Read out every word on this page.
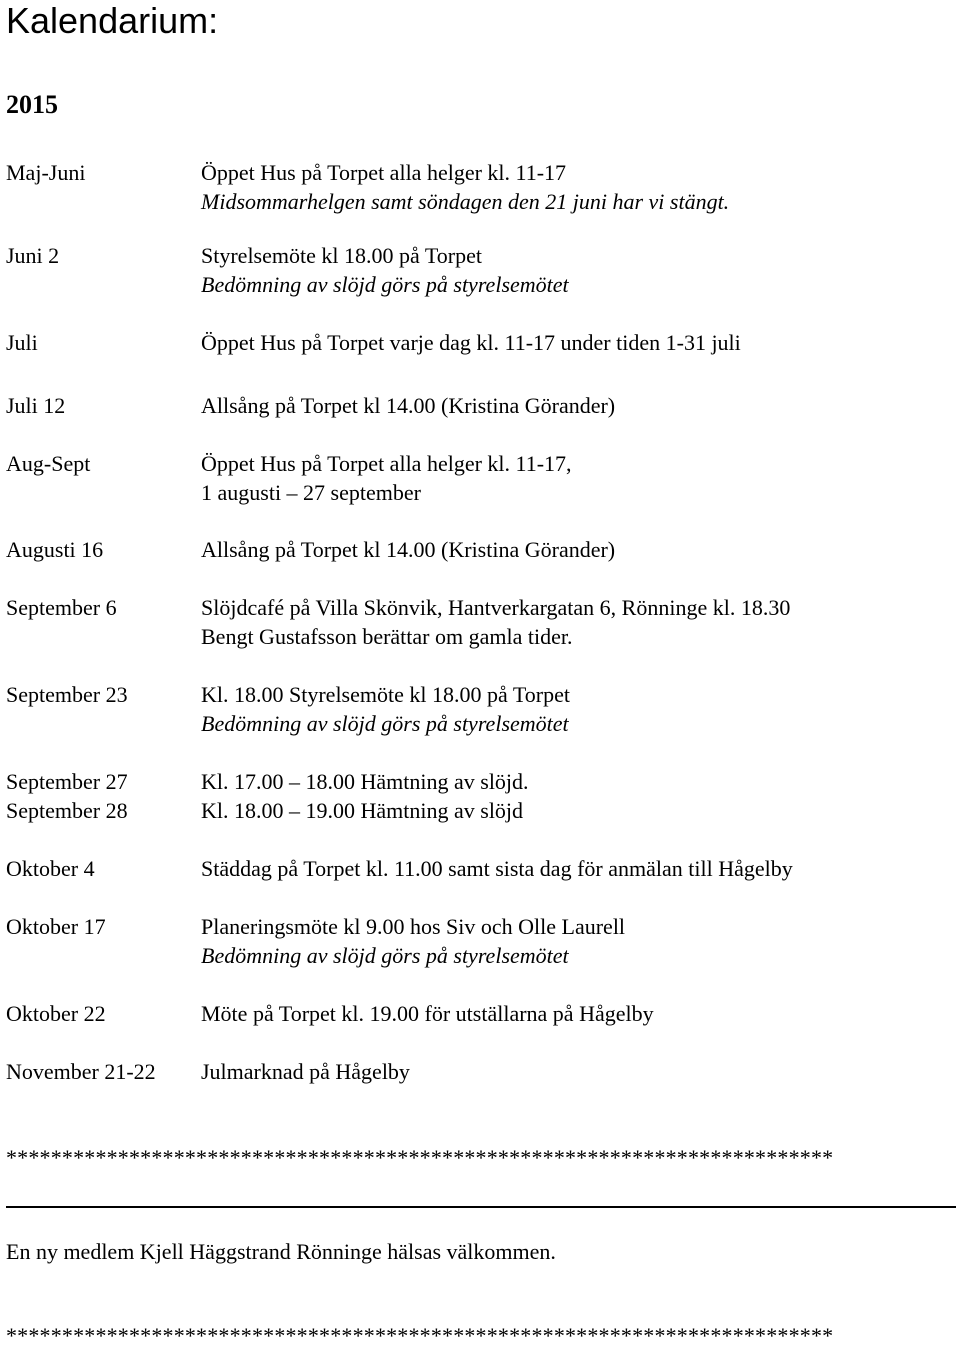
Kalendarium:
2015
Maj-Juni	Öppet Hus på Torpet alla helger kl. 11-17
Midsommarhelgen samt söndagen den 21 juni har vi stängt.
Juni 2	Styrelsemöte kl 18.00 på Torpet
Bedömning av slöjd görs på styrelsemötet
Juli	Öppet Hus på Torpet varje dag kl. 11-17 under tiden 1-31 juli
Juli 12	Allsång på Torpet kl 14.00 (Kristina Görander)
Aug-Sept	Öppet Hus på Torpet alla helger kl. 11-17,
1 augusti – 27 september
Augusti 16	Allsång på Torpet kl 14.00 (Kristina Görander)
September 6	Slöjdcafé på Villa Skönvik, Hantverkargatan 6, Rönninge kl. 18.30
Bengt Gustafsson berättar om gamla tider.
September 23	Kl. 18.00 Styrelsemöte kl 18.00 på Torpet
Bedömning av slöjd görs på styrelsemötet
September 27	Kl. 17.00 – 18.00 Hämtning av slöjd.
September 28	Kl. 18.00 – 19.00 Hämtning av slöjd
Oktober 4	Städdag på Torpet kl. 11.00 samt sista dag för anmälan till Hågelby
Oktober 17	Planeringsmöte kl 9.00 hos Siv och Olle Laurell
Bedömning av slöjd görs på styrelsemötet
Oktober 22	Möte på Torpet kl. 19.00 för utställarna på Hågelby
November 21-22 Julmarknad på Hågelby
**************************************************************************
En ny medlem Kjell Häggstrand Rönninge hälsas välkommen.
**************************************************************************
